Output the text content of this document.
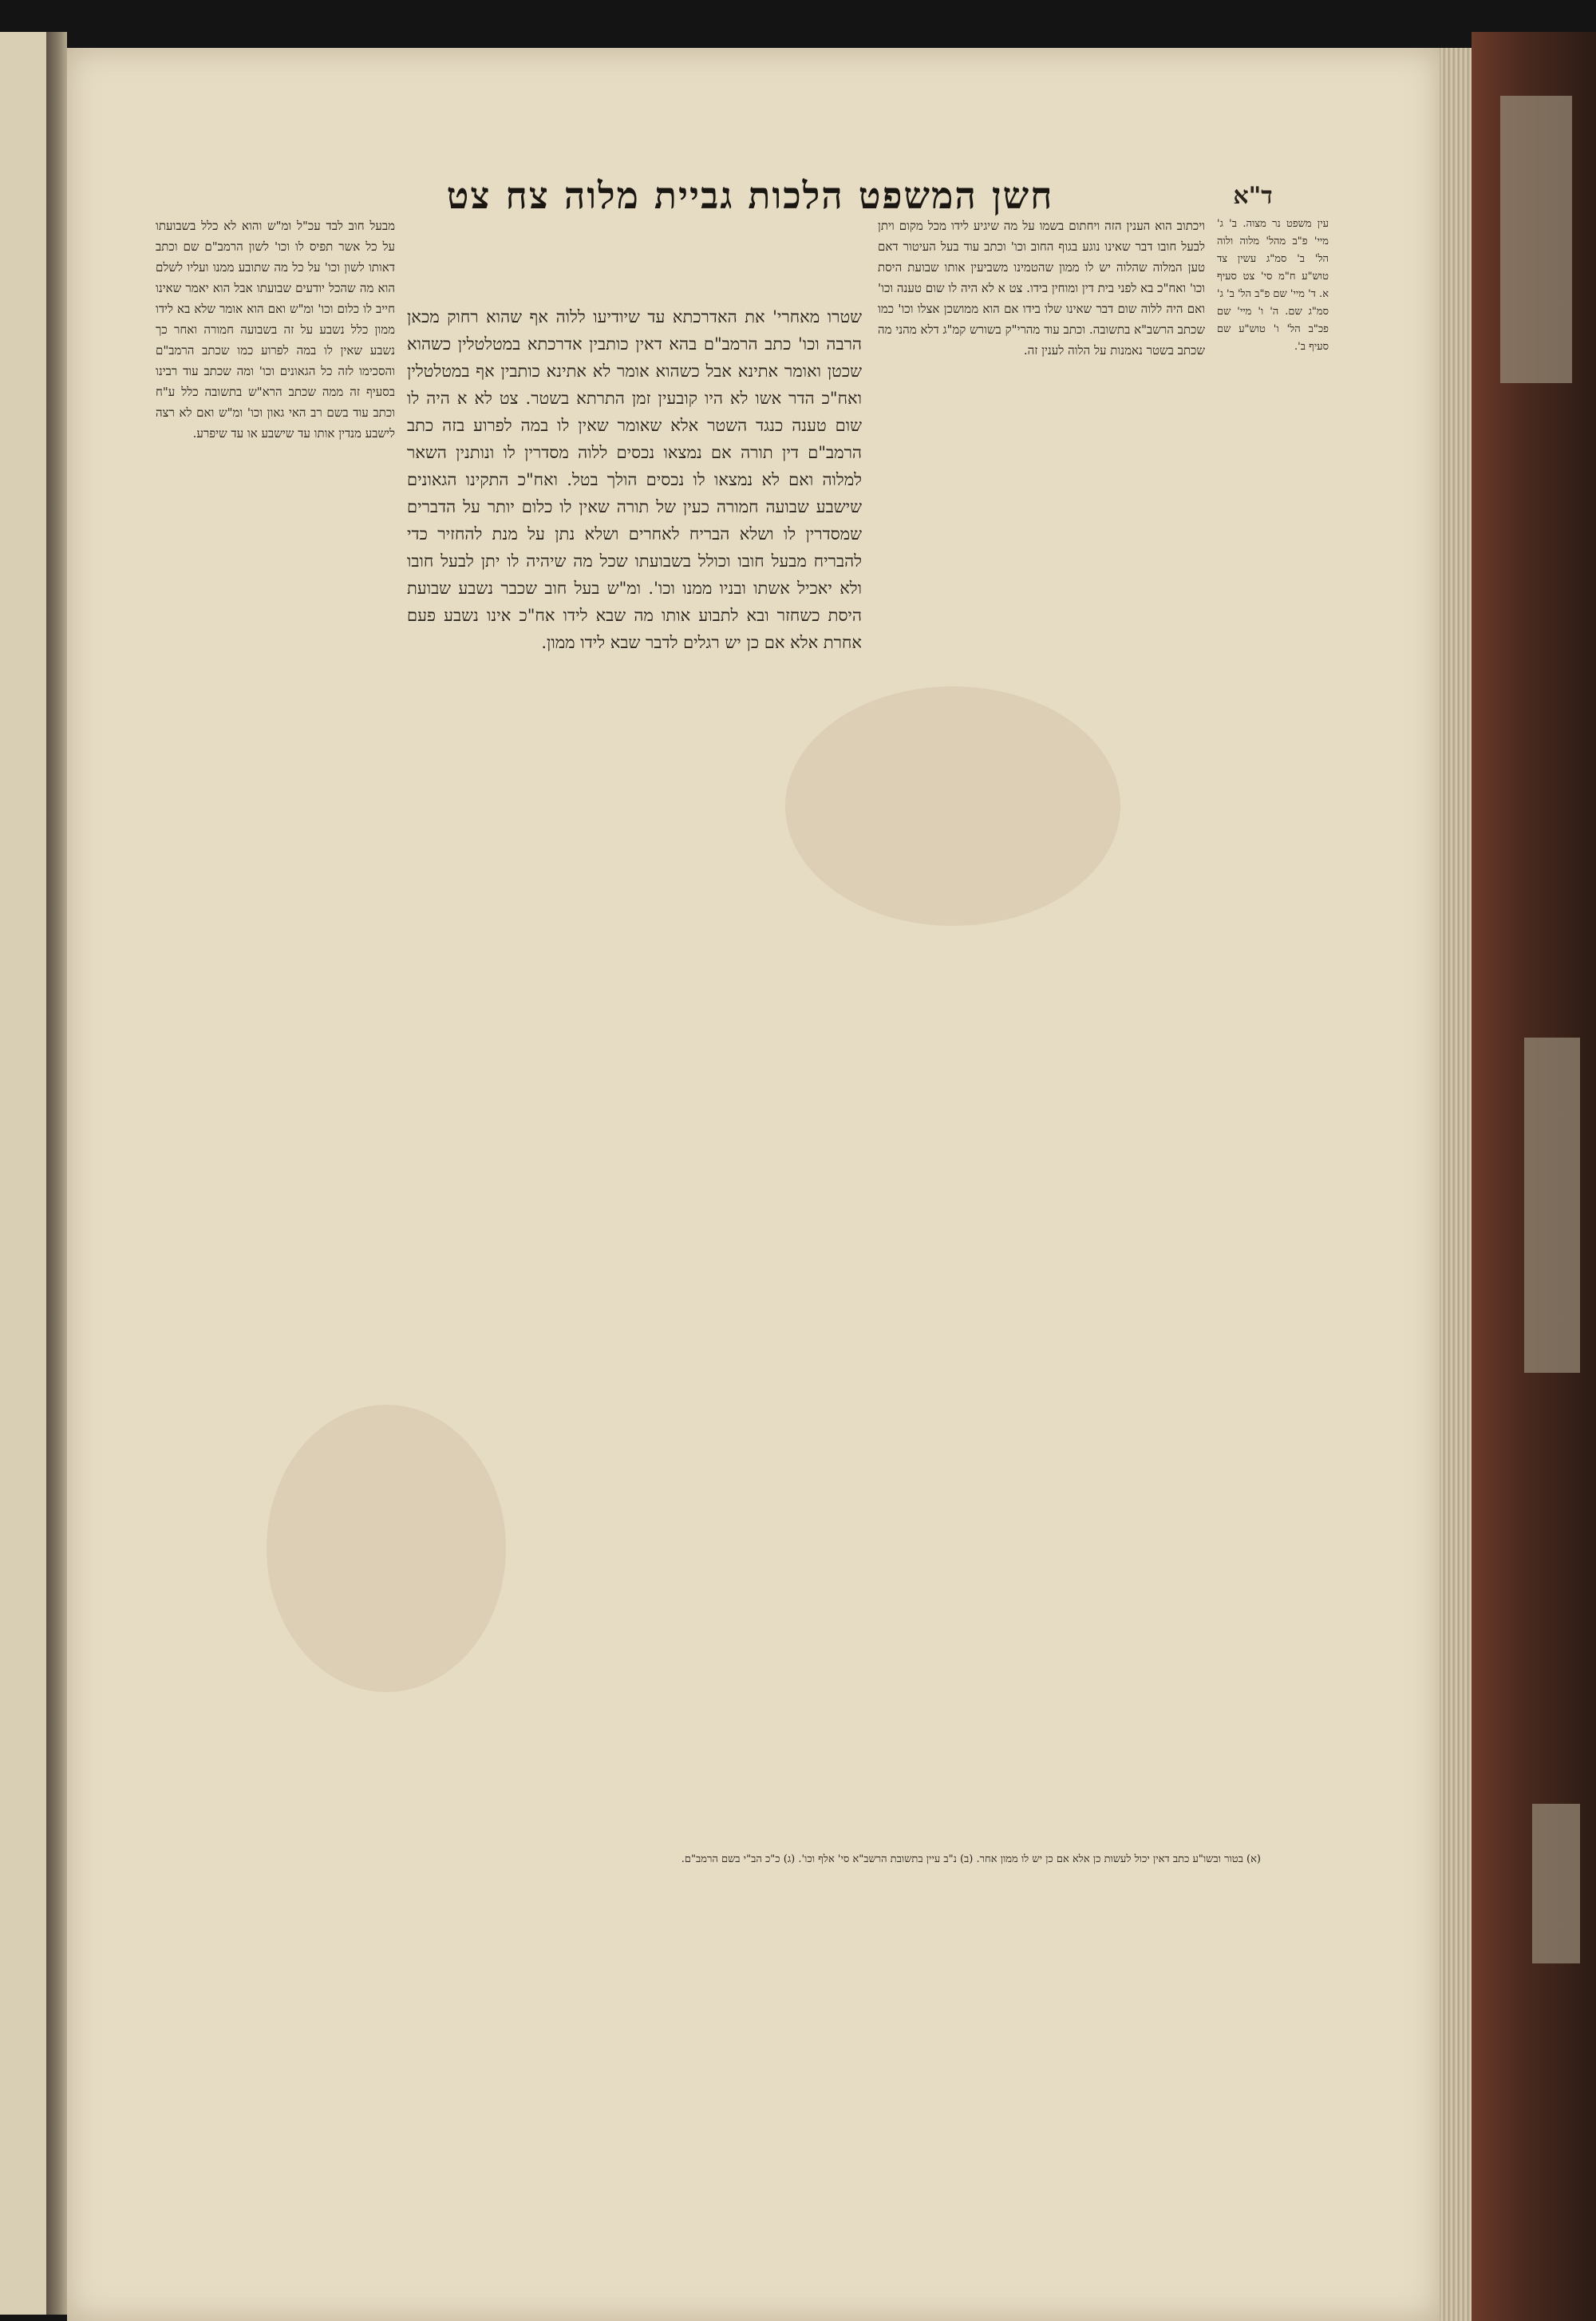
חשן המשפט הלכות גביית מלוה צח צט	ד"א

מבעל חוב לבד עכ"ל ומ"ש והוא לא כלל בשבועתו על כל אשר תפיס לו וכו' לשון הרמב"ם שם וכתב דאותו לשון וכו' על כל מה שתובע ממנו ועליו לשלם הוא מה שהכל יודעים שבועתו אבל הוא יאמר שאינו חייב לו כלום וכו' ומ"ש ואם הוא אומר שלא בא לידו ממון כלל נשבע על זה בשבועה חמורה ואחר כך נשבע שאין לו במה לפרוע כמו שכתב הרמב"ם והסכימו לזה כל הגאונים וכו' ומה שכתב עוד רבינו בסעיף זה ממה שכתב הרא"ש בתשובה כלל ע"ח וכתב עוד בשם רב האי גאון וכו' ומ"ש ואם לא רצה לישבע מנדין אותו עד שישבע או עד שיפרע.

שטרו מאחרי' את האדרכתא עד שיודיעו ללוה אף שהוא רחוק מכאן הרבה וכו' כתב הרמב"ם בהא דאין כותבין אדרכתא במטלטלין כשהוא שכטן ואומר אתינא אבל כשהוא אומר לא אתינא כותבין אף במטלטלין ואח"כ הדר אשו לא היו קובעין זמן התרתא בשטר. צט לא א היה לו שום טענה כנגד השטר אלא שאומר שאין לו במה לפרוע בזה כתב הרמב"ם דין תורה אם נמצאו נכסים ללוה מסדרין לו ונותנין השאר למלוה ואם לא נמצאו לו נכסים הולך בטל. ואח"כ התקינו הגאונים שישבע שבועה חמורה כעין של תורה שאין לו כלום יותר על הדברים שמסדרין לו ושלא הבריח לאחרים ושלא נתן על מנת להחזיר כדי להבריח מבעל חובו וכולל בשבועתו שכל מה שיהיה לו יתן לבעל חובו ולא יאכיל אשתו ובניו ממנו וכו'. ומ"ש בעל חוב שכבר נשבע שבועת היסת כשחזר ובא לתבוע אותו מה שבא לידו אח"כ אינו נשבע פעם אחרת אלא אם כן יש רגלים לדבר שבא לידו ממון.

ויכתוב הוא הענין הזה ויחתום בשמו על מה שיגיע לידו מכל מקום ויתן לבעל חובו דבר שאינו נוגע בגוף החוב וכו' וכתב עוד בעל העיטור דאם טען המלוה שהלוה יש לו ממון שהטמינו משביעין אותו שבועת היסת וכו' ואח"כ בא לפני בית דין ומוחין בידו. צט א לא היה לו שום טענה וכו' ואם היה ללוה שום דבר שאינו שלו בידו אם הוא ממושכן אצלו וכו' כמו שכתב הרשב"א בתשובה. וכתב עוד מהרי"ק בשורש קמ"ג דלא מהני מה שכתב בשטר נאמנות על הלוה לענין זה.

עין משפט נר מצוה. ב' ג' מיי' פ"ב מהל' מלוה ולוה הל' ב' סמ"ג עשין צד טוש"ע ח"מ סי' צט סעיף א. ד' מיי' שם פ"ב הל' ב' ג' סמ"ג שם. ה' ו' מיי' שם פכ"ב הל' ו' טוש"ע שם סעיף ב'.

(א) בטור ובשו"ע כתב דאין יכול לעשות כן אלא אם כן יש לו ממון אחר. (ב) נ"ב עיין בתשובת הרשב"א סי' אלף וכו'. (ג) כ"כ הב"י בשם הרמב"ם.
